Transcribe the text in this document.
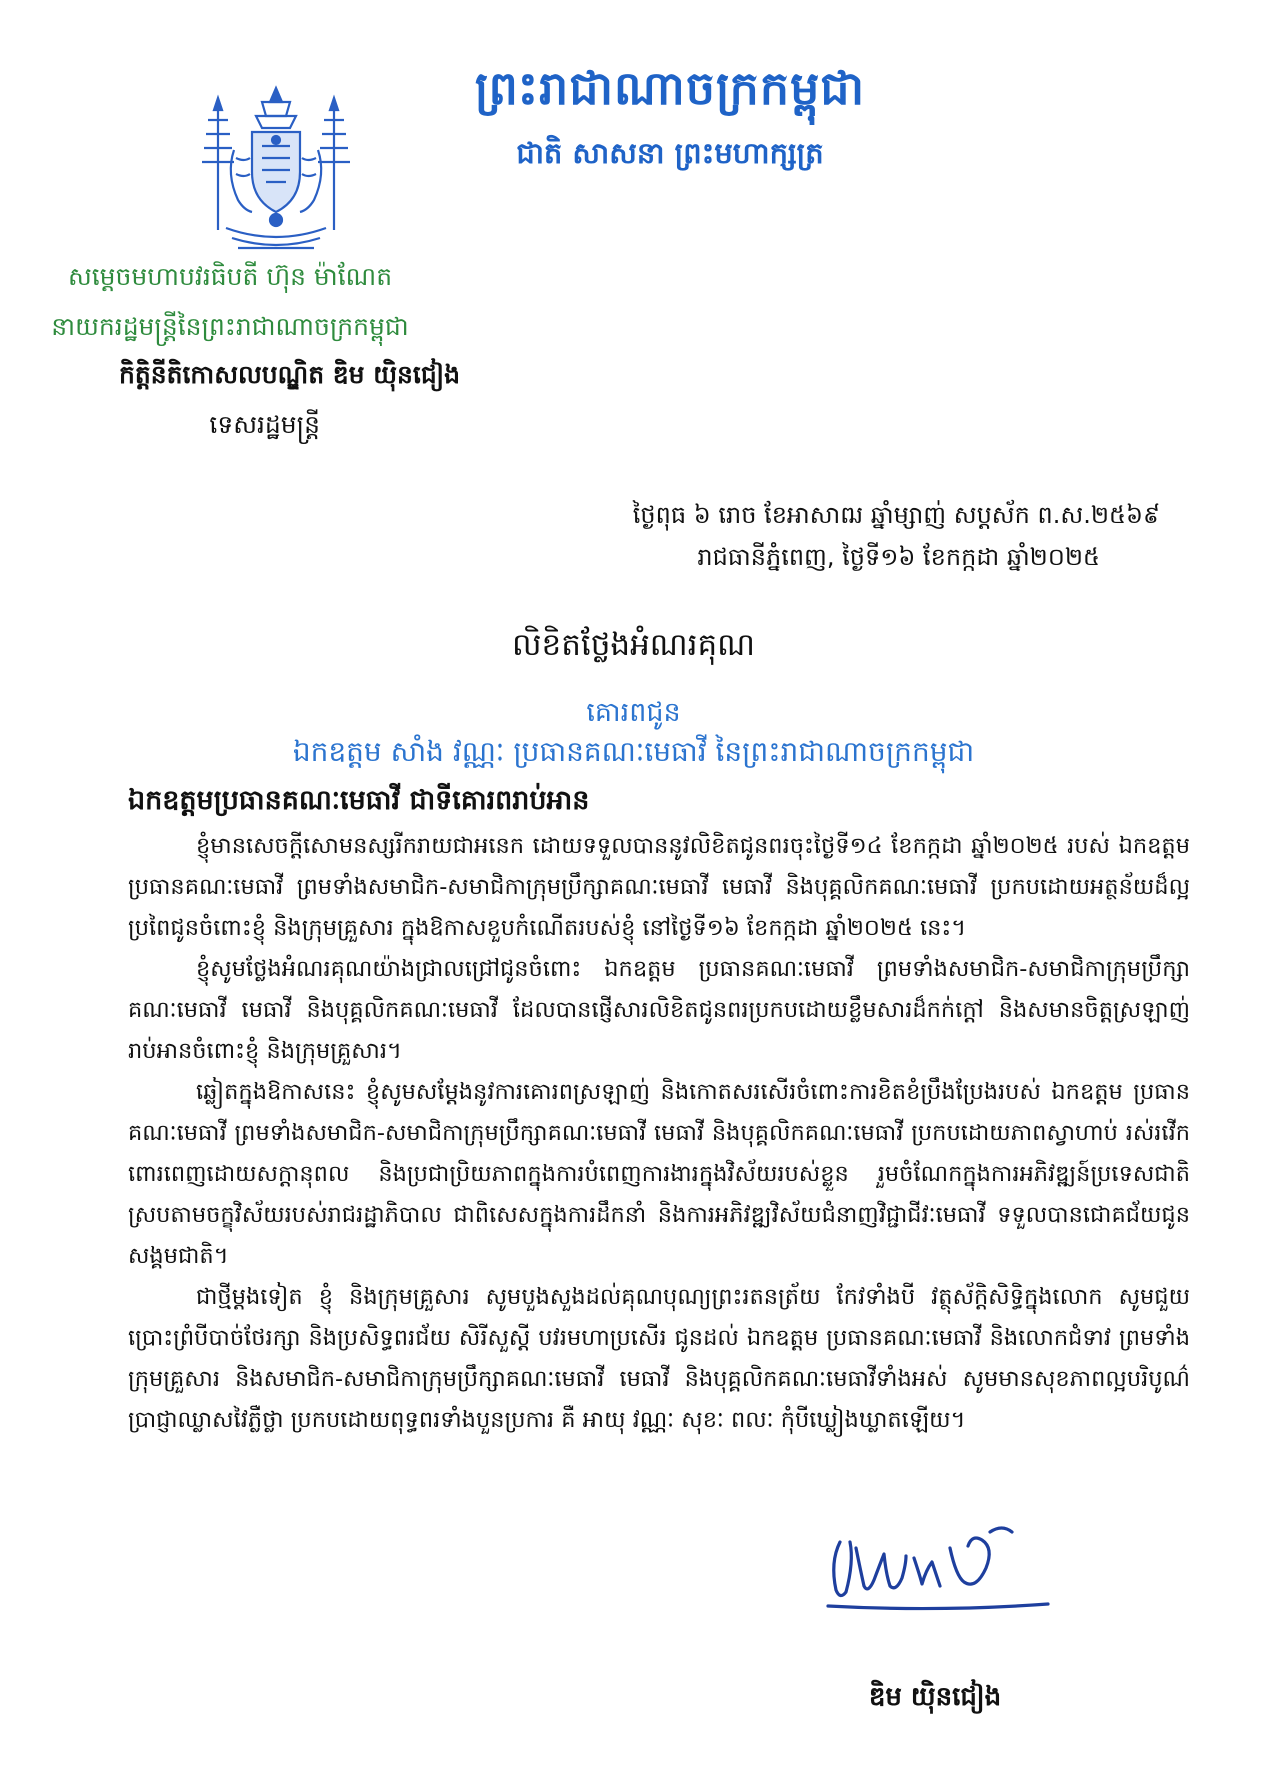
ព្រះរាជាណាចក្រកម្ពុជា
ជាតិ សាសនា ព្រះមហាក្សត្រ
សម្ដេចមហាបវរធិបតី ហ៊ុន ម៉ាណែត
នាយករដ្ឋមន្ត្រីនៃព្រះរាជាណាចក្រកម្ពុជា
កិត្តិនីតិកោសលបណ្ឌិត ឌិម យ៉ិនជៀង
ទេសរដ្ឋមន្ត្រី
ថ្ងៃពុធ ៦ រោច ខែអាសាឍ ឆ្នាំម្សាញ់ សប្តស័ក ព.ស.២៥៦៩
រាជធានីភ្នំពេញ, ថ្ងៃទី១៦ ខែកក្កដា ឆ្នាំ២០២៥
លិខិតថ្លែងអំណរគុណ
គោរពជូន
ឯកឧត្តម សាំង វណ្ណៈ ប្រធានគណៈមេធាវី នៃព្រះរាជាណាចក្រកម្ពុជា
ឯកឧត្តមប្រធានគណៈមេធាវី ជាទីគោរពរាប់អាន

ខ្ញុំមានសេចក្ដីសោមនស្សរីករាយជាអនេក ដោយទទួលបាននូវលិខិតជូនពរចុះថ្ងៃទី១៤ ខែកក្កដា ឆ្នាំ២០២៥ របស់ ឯកឧត្តម ប្រធានគណៈមេធាវី ព្រមទាំងសមាជិក-សមាជិកាក្រុមប្រឹក្សាគណៈមេធាវី មេធាវី និងបុគ្គលិកគណៈមេធាវី ប្រកបដោយអត្ថន័យដ៏ល្អប្រពៃជូនចំពោះខ្ញុំ និងក្រុមគ្រួសារ ក្នុងឱកាសខួបកំណើតរបស់ខ្ញុំ នៅថ្ងៃទី១៦ ខែកក្កដា ឆ្នាំ២០២៥ នេះ។

ខ្ញុំសូមថ្លែងអំណរគុណយ៉ាងជ្រាលជ្រៅជូនចំពោះ ឯកឧត្តម ប្រធានគណៈមេធាវី ព្រមទាំងសមាជិក-សមាជិកាក្រុមប្រឹក្សាគណៈមេធាវី មេធាវី និងបុគ្គលិកគណៈមេធាវី ដែលបានផ្ញើសារលិខិតជូនពរប្រកបដោយខ្លឹមសារដ៏កក់ក្ដៅ និងសមានចិត្តស្រឡាញ់រាប់អានចំពោះខ្ញុំ និងក្រុមគ្រួសារ។

ឆ្លៀតក្នុងឱកាសនេះ ខ្ញុំសូមសម្ដែងនូវការគោរពស្រឡាញ់ និងកោតសរសើរចំពោះការខិតខំប្រឹងប្រែងរបស់ ឯកឧត្តម ប្រធានគណៈមេធាវី ព្រមទាំងសមាជិក-សមាជិកាក្រុមប្រឹក្សាគណៈមេធាវី មេធាវី និងបុគ្គលិកគណៈមេធាវី ប្រកបដោយភាពស្វាហាប់ រស់រវើក ពោរពេញដោយសក្ដានុពល និងប្រជាប្រិយភាពក្នុងការបំពេញការងារក្នុងវិស័យរបស់ខ្លួន រួមចំណែកក្នុងការអភិវឌ្ឍន៍ប្រទេសជាតិ ស្របតាមចក្ខុវិស័យរបស់រាជរដ្ឋាភិបាល ជាពិសេសក្នុងការដឹកនាំ និងការអភិវឌ្ឍវិស័យជំនាញវិជ្ជាជីវៈមេធាវី ទទួលបានជោគជ័យជូនសង្គមជាតិ។

ជាថ្មីម្ដងទៀត ខ្ញុំ និងក្រុមគ្រួសារ សូមបួងសួងដល់គុណបុណ្យព្រះរតនត្រ័យ កែវទាំងបី វត្ថុស័ក្តិសិទ្ធិក្នុងលោក សូមជួយប្រោះព្រំបីបាច់ថែរក្សា និងប្រសិទ្ធពរជ័យ សិរីសួស្ដី បវរមហាប្រសើរ ជូនដល់ ឯកឧត្តម ប្រធានគណៈមេធាវី និងលោកជំទាវ ព្រមទាំងក្រុមគ្រួសារ និងសមាជិក-សមាជិកាក្រុមប្រឹក្សាគណៈមេធាវី មេធាវី និងបុគ្គលិកគណៈមេធាវីទាំងអស់ សូមមានសុខភាពល្អបរិបូណ៌ ប្រាជ្ញាឈ្លាសវៃភ្លឺថ្លា ប្រកបដោយពុទ្ធពរទាំងបួនប្រការ គឺ អាយុ វណ្ណៈ សុខៈ ពលៈ កុំបីឃ្លៀងឃ្លាតឡើយ។

ឌិម យ៉ិនជៀង
